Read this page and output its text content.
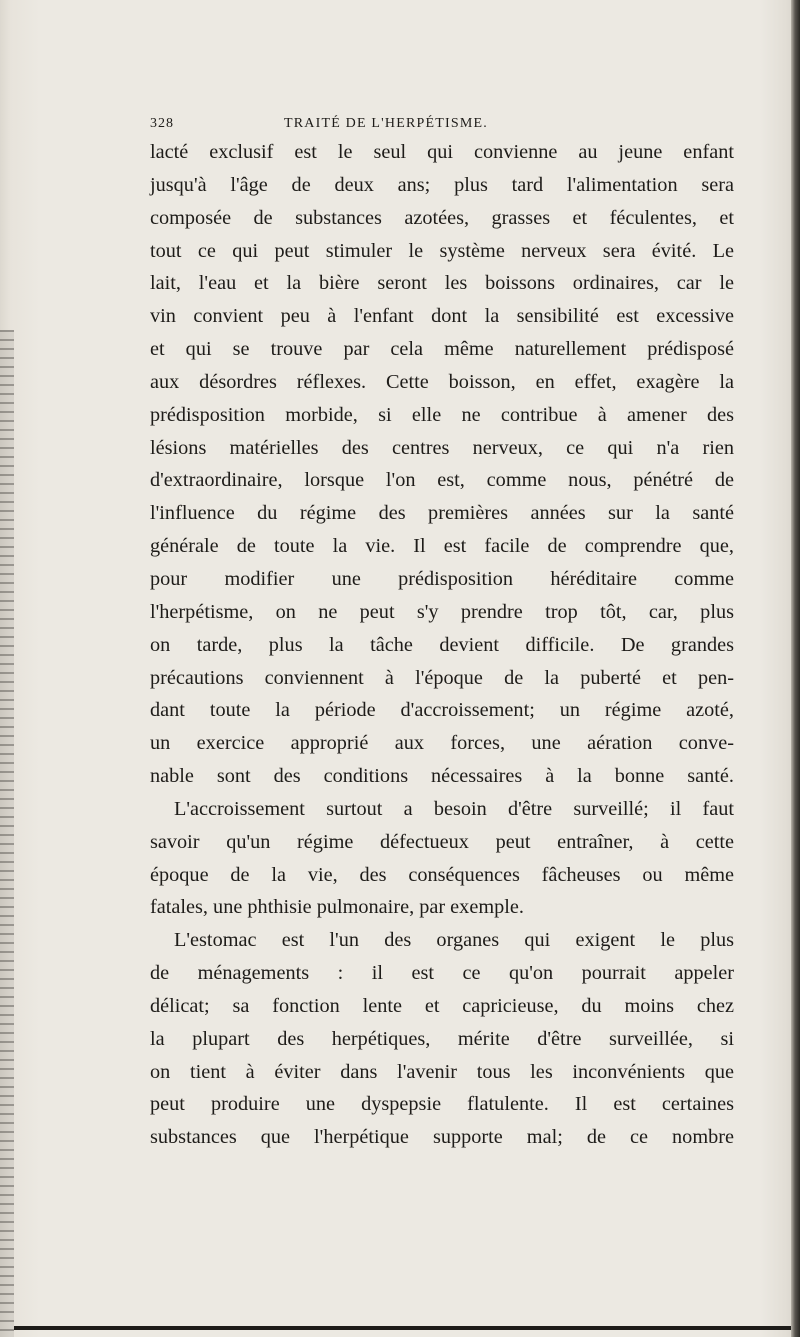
328	TRAITÉ DE L'HERPÉTISME.
lacté exclusif est le seul qui convienne au jeune enfant
jusqu'à l'âge de deux ans; plus tard l'alimentation sera
composée de substances azotées, grasses et féculentes, et
tout ce qui peut stimuler le système nerveux sera évité. Le
lait, l'eau et la bière seront les boissons ordinaires, car le
vin convient peu à l'enfant dont la sensibilité est excessive
et qui se trouve par cela même naturellement prédisposé
aux désordres réflexes. Cette boisson, en effet, exagère la
prédisposition morbide, si elle ne contribue à amener des
lésions matérielles des centres nerveux, ce qui n'a rien
d'extraordinaire, lorsque l'on est, comme nous, pénétré de
l'influence du régime des premières années sur la santé
générale de toute la vie. Il est facile de comprendre que,
pour modifier une prédisposition héréditaire comme
l'herpétisme, on ne peut s'y prendre trop tôt, car, plus
on tarde, plus la tâche devient difficile. De grandes
précautions conviennent à l'époque de la puberté et pen-
dant toute la période d'accroissement; un régime azoté,
un exercice approprié aux forces, une aération conve-
nable sont des conditions nécessaires à la bonne santé.
L'accroissement surtout a besoin d'être surveillé; il faut
savoir qu'un régime défectueux peut entraîner, à cette
époque de la vie, des conséquences fâcheuses ou même
fatales, une phthisie pulmonaire, par exemple.
L'estomac est l'un des organes qui exigent le plus
de ménagements : il est ce qu'on pourrait appeler
délicat; sa fonction lente et capricieuse, du moins chez
la plupart des herpétiques, mérite d'être surveillée, si
on tient à éviter dans l'avenir tous les inconvénients que
peut produire une dyspepsie flatulente. Il est certaines
substances que l'herpétique supporte mal; de ce nombre
